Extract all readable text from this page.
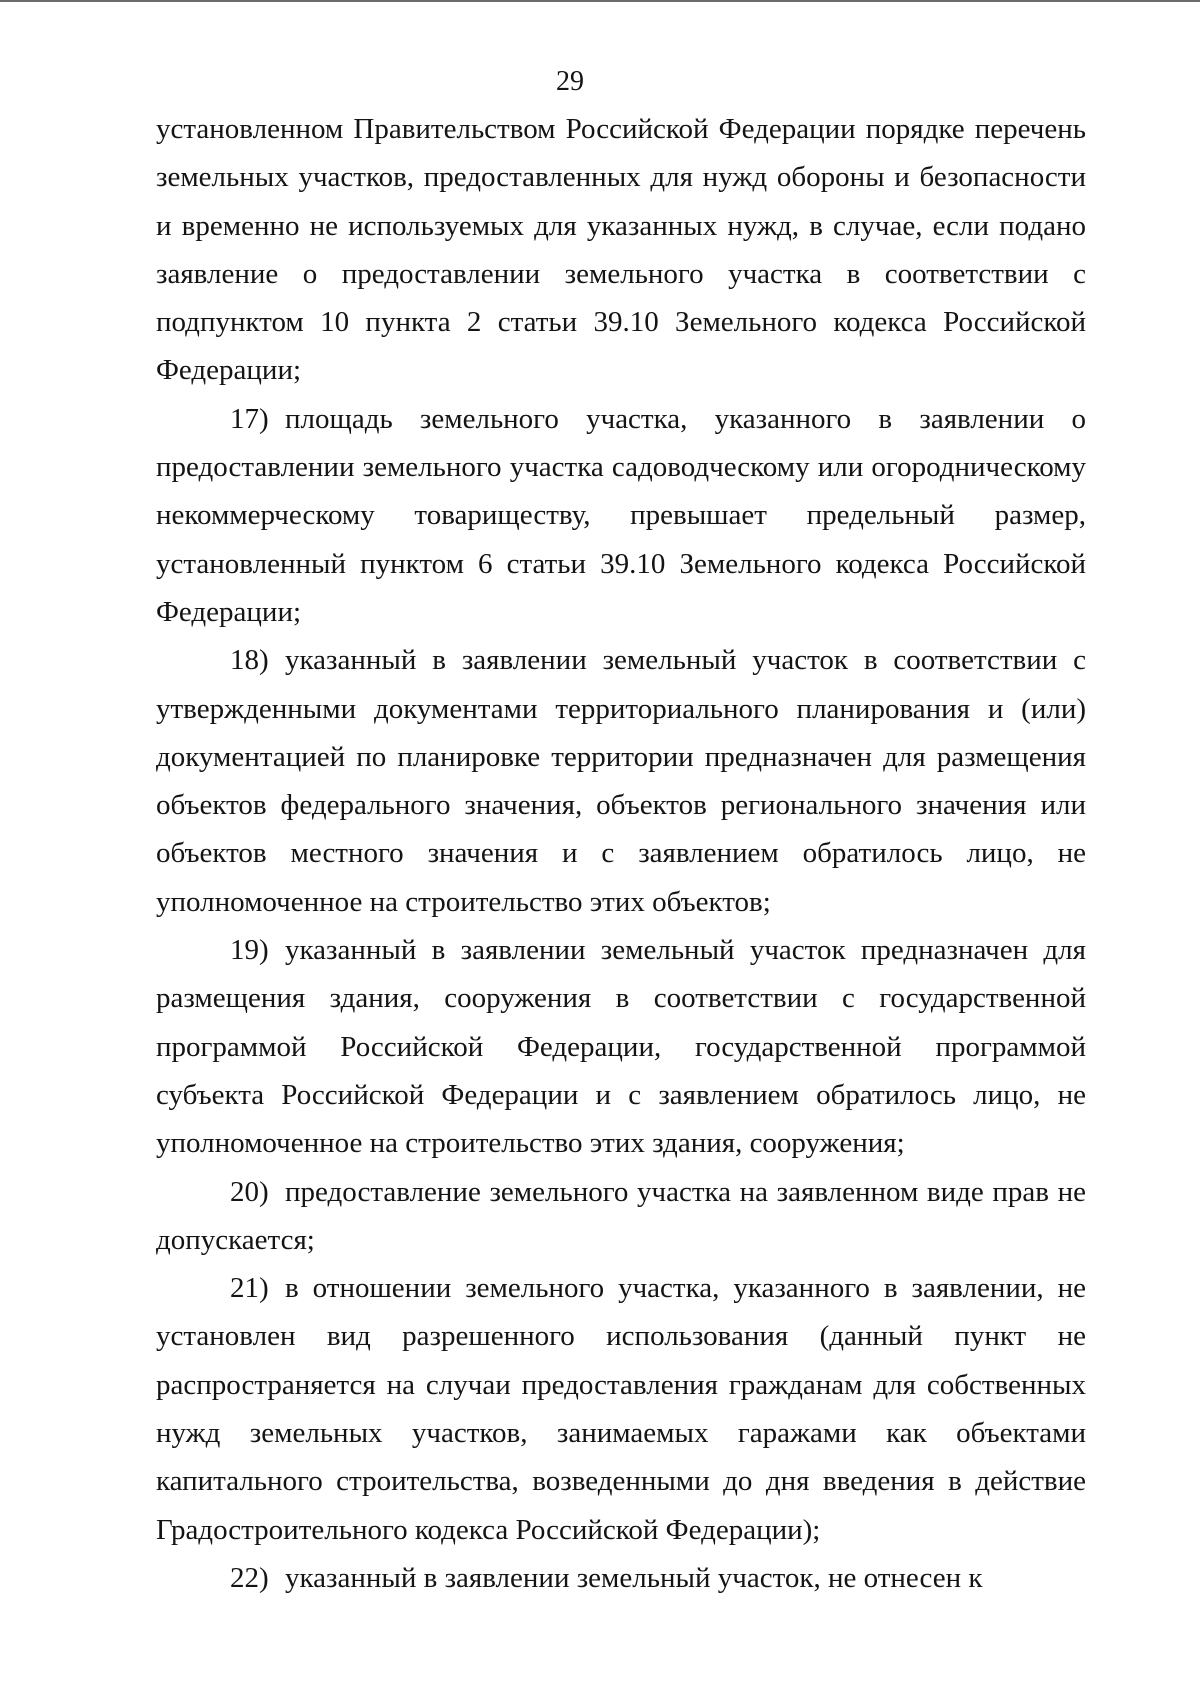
29

установленном Правительством Российской Федерации порядке перечень земельных участков, предоставленных для нужд обороны и безопасности и временно не используемых для указанных нужд, в случае, если подано заявление о предоставлении земельного участка в соответствии с подпунктом 10 пункта 2 статьи 39.10 Земельного кодекса Российской Федерации;

17) площадь земельного участка, указанного в заявлении о предоставлении земельного участка садоводческому или огородническому некоммерческому товариществу, превышает предельный размер, установленный пунктом 6 статьи 39.10 Земельного кодекса Российской Федерации;

18) указанный в заявлении земельный участок в соответствии с утвержденными документами территориального планирования и (или) документацией по планировке территории предназначен для размещения объектов федерального значения, объектов регионального значения или объектов местного значения и с заявлением обратилось лицо, не уполномоченное на строительство этих объектов;

19) указанный в заявлении земельный участок предназначен для размещения здания, сооружения в соответствии с государственной программой Российской Федерации, государственной программой субъекта Российской Федерации и с заявлением обратилось лицо, не уполномоченное на строительство этих здания, сооружения;

20) предоставление земельного участка на заявленном виде прав не допускается;

21) в отношении земельного участка, указанного в заявлении, не установлен вид разрешенного использования (данный пункт не распространяется на случаи предоставления гражданам для собственных нужд земельных участков, занимаемых гаражами как объектами капитального строительства, возведенными до дня введения в действие Градостроительного кодекса Российской Федерации);

22) указанный в заявлении земельный участок, не отнесен к
